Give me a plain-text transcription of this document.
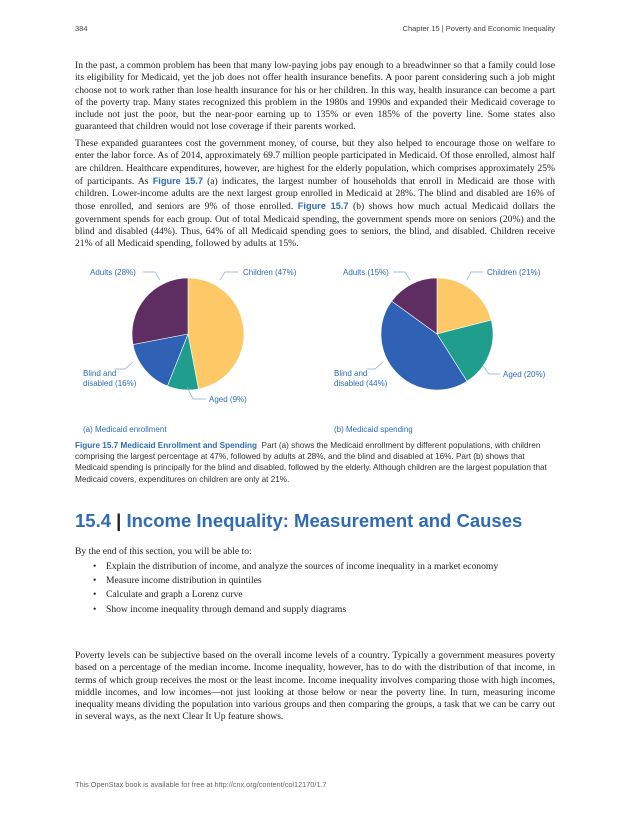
384	Chapter 15 | Poverty and Economic Inequality

In the past, a common problem has been that many low-paying jobs pay enough to a breadwinner so that a family could lose its eligibility for Medicaid, yet the job does not offer health insurance benefits. A poor parent considering such a job might choose not to work rather than lose health insurance for his or her children. In this way, health insurance can become a part of the poverty trap. Many states recognized this problem in the 1980s and 1990s and expanded their Medicaid coverage to include not just the poor, but the near-poor earning up to 135% or even 185% of the poverty line. Some states also guaranteed that children would not lose coverage if their parents worked.

These expanded guarantees cost the government money, of course, but they also helped to encourage those on welfare to enter the labor force. As of 2014, approximately 69.7 million people participated in Medicaid. Of those enrolled, almost half are children. Healthcare expenditures, however, are highest for the elderly population, which comprises approximately 25% of participants. As Figure 15.7 (a) indicates, the largest number of households that enroll in Medicaid are those with children. Lower-income adults are the next largest group enrolled in Medicaid at 28%. The blind and disabled are 16% of those enrolled, and seniors are 9% of those enrolled. Figure 15.7 (b) shows how much actual Medicaid dollars the government spends for each group. Out of total Medicaid spending, the government spends more on seniors (20%) and the blind and disabled (44%). Thus, 64% of all Medicaid spending goes to seniors, the blind, and disabled. Children receive 21% of all Medicaid spending, followed by adults at 15%.

Adults (28%)	Children (47%)
Blind and
disabled (16%)
Aged (9%)
(a) Medicaid enrollment
Adults (15%)	Children (21%)
Blind and
disabled (44%)
Aged (20%)
(b) Medicaid spending

Figure 15.7 Medicaid Enrollment and Spending Part (a) shows the Medicaid enrollment by different populations, with children comprising the largest percentage at 47%, followed by adults at 28%, and the blind and disabled at 16%. Part (b) shows that Medicaid spending is principally for the blind and disabled, followed by the elderly. Although children are the largest population that Medicaid covers, expenditures on children are only at 21%.

15.4 | Income Inequality: Measurement and Causes

By the end of this section, you will be able to:

• Explain the distribution of income, and analyze the sources of income inequality in a market economy
• Measure income distribution in quintiles
• Calculate and graph a Lorenz curve
• Show income inequality through demand and supply diagrams

Poverty levels can be subjective based on the overall income levels of a country. Typically a government measures poverty based on a percentage of the median income. Income inequality, however, has to do with the distribution of that income, in terms of which group receives the most or the least income. Income inequality involves comparing those with high incomes, middle incomes, and low incomes—not just looking at those below or near the poverty line. In turn, measuring income inequality means dividing the population into various groups and then comparing the groups, a task that we can be carry out in several ways, as the next Clear It Up feature shows.

This OpenStax book is available for free at http://cnx.org/content/col12170/1.7
